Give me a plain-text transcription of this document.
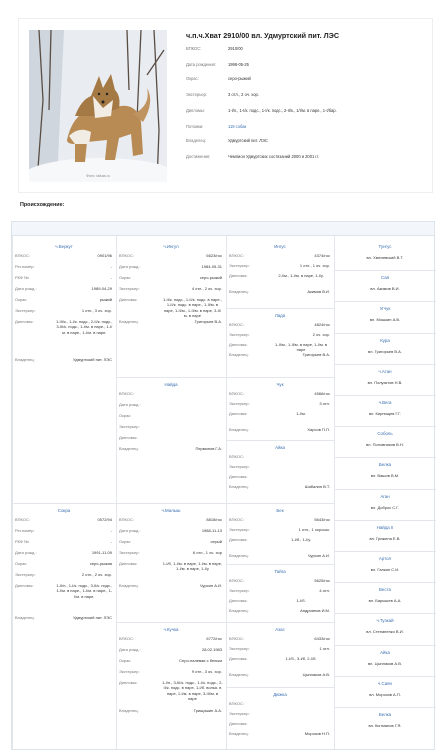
Фото: laikas.ru
ч.п.ч.Хват 2910/00 вл. Удмуртский пит. ЛЭС
Происхождение:
ч.Беркут
ВПКОС:	0901/96
Рег.номер:	-
РКФ №:	-
Дата рожд.:	1989-04-29
Окрас:	рыжий
Экстерьер:	1 отл., 3 оч. хор.
Дипломы:	1-III/к., 1-I/к. подс., 2-II/к. подс., 3-III/к. подс., 1-I/м. в паре., 1-I/м. в паре., 1-I/м. в паре.
Владелец:	Удмуртский пит. ЛЭС
Сокра
ВПКОС:	0572/94
Рег.номер:	-
РКФ №:	-
Дата рожд.:	1991-11-09
Окрас:	серо-рыжая
Экстерьер:	2 отл., 2 оч. хор.
Дипломы:	1-II/п., 1-I/к. подс., 3-II/к. подс., 1-I/м. в паре., 1-I/м. в паре., 1-I/м. в паре.
Владелец:	Удмуртский пит. ЛЭС
ч.Ингул
ВПКОС:	6623/гос
Дата рожд.:	1984-05-31
Окрас:	серо-рыжий
Экстерьер:	4 отл., 2 оч. хор.
Дипломы:	1-II/к. подс., 1-II/к. подс. в паре., 1-II/к. подс. в паре., 1-II/м. в паре, 1-II/м., 1-II/м. в паре, 3-II/м. в паре
Владелец:	Григорьев В.А.
Найда
ВПКОС:
Дата рожд.:
Окрас:
Экстерьер:
Дипломы:
Владелец:	Перминов Г.А.
ч.Малыш
ВПКОС:	8818/гос
Дата рожд.:	1988-11-13
Окрас:	серый
Экстерьер:	6 отл., 1 оч. хор
Дипломы:	1-I/б, 1-I/м. в паре, 1-I/м. в паре, 1-I/м. в паре, 1-I/у
Владелец:	Чурсин А.И.
ч.Кучка
ВПКОС:	6772/гос
Дата рожд.:	28.02.1983
Окрас:	Серо-палевая с белым
Экстерьер:	9 отл., 3 оч. хор.
Дипломы:	1-I/п., 3-III/к. подс., 1-I/к. подс., 2-II/к. подс. в паре, 1-I/б. волья. в паре, 1-I/м. в паре, 3-III/м. в паре
Владелец:	Грищишин А.А.
Ингус
ВПКОС:	4374/гос
Экстерьер:	1 отл., 1 оч. хор.
Дипломы:	2-I/м., 1-I/м. в паре, 1-I/у.
Владелец:	Акимов В.И.
Лада
ВПКОС:	4824/гос
Экстерьер:	2 оч. хор.
Дипломы:	1-II/м., 1-II/м. в паре, 1-I/м. в паре
Владелец:	Григорьев В.А.
Чук
ВПКОС:	4566/гос
Экстерьер:	3 отл.
Дипломы:	1-I/м.
Владелец:	Харсов П.П.
Айка
ВПКОС:
Экстерьер:
Дипломы:
Владелец:	Шабалин В.Т.
Бек
ВПКОС:	5643/гос
Экстерьер:	1 отл., 1 хорошо.
Дипломы:	1-I/б., 1-I/у.
Владелец:	Чурсин А.И.
Тайга
ВПКОС:	5625/гос
Экстерьер:	4 отл.
Дипломы:	1-I/б.
Владелец:	Андриянов И.М.
Азас
ВПКОС:	6433/гос
Экстерьер:	1 отл.
Дипломы:	1-I/б., 3-I/б, 2-I/б.
Владелец:	Цыплаков А.В.
Дюжка
ВПКОС:
Экстерьер:
Дипломы:
Владелец:	Морозов Н.П.
Тунгус
вл. Хмелевский В.Т.
Сая
вл. Акимов В.И.
Угчук
вл. Мошкин А.В.
Кура
вл. Григорьев В.А.
ч.Атан
вл. Полуэктов Н.В.
ч.Вега
вл. Кирпищев Г.Г.
Соболь
вл. Половников В.Н.
Белка
вл. Вашов В.М.
Аган
вл. Доброс С.Г.
Найда II
вл. Грижена Е.В.
Артол
вл. Галкин С.И.
Веста
вл. Барышев А.А.
ч.Тузкай
вл. Степаненко В.И.
Айка
вл. Цыплаков А.В.
ч.Саян
вл. Морозов А.П.
Белка
вл. Кытманов Г.Я.
ВПКОС:	2910/00
Дата рождения:	1998-05-25
Окрас:	серо-рыжий
Экстерьер:	3 отл., 2 оч. хор.
Дипломы:	1-I/п., 1-I/к. подс., 1-I/к. подс., 2-II/к., 1/I/м. в паре., 1-I/бар.
Потомки:	119 собак
Владелец:	Удмуртский пит. ЛЭС
Достижения:	Чемпион Удмуртских состязаний 2000 и 2001 гг.
